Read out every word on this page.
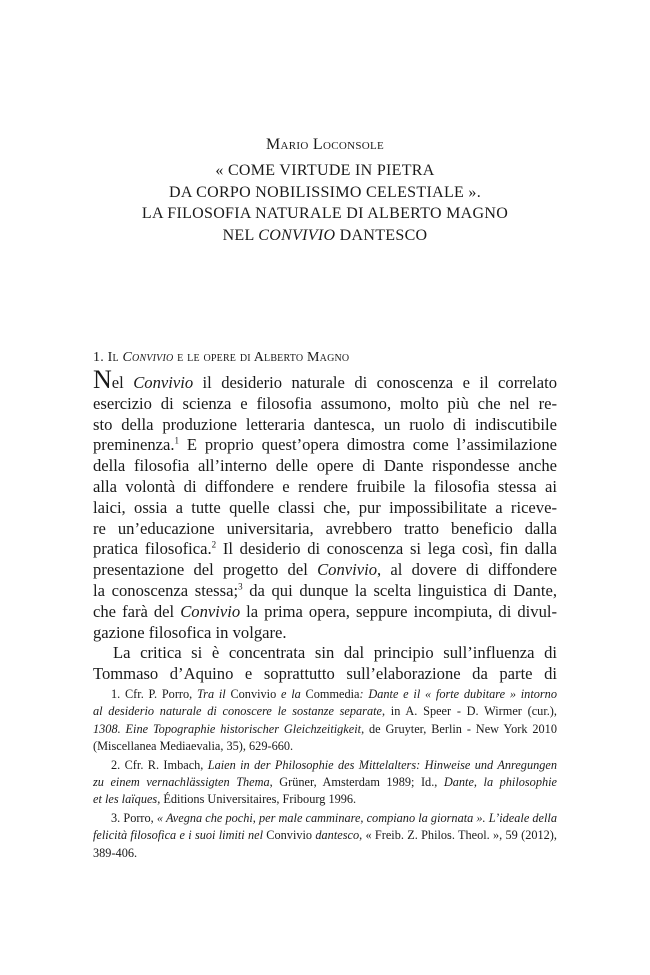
Mario Loconsole
« COME VIRTUDE IN PIETRA
DA CORPO NOBILISSIMO CELESTIALE ».
LA FILOSOFIA NATURALE DI ALBERTO MAGNO
NEL CONVIVIO DANTESCO
1. Il Convivio e le opere di Alberto Magno
Nel Convivio il desiderio naturale di conoscenza e il correlato
esercizio di scienza e filosofia assumono, molto più che nel re-
sto della produzione letteraria dantesca, un ruolo di indiscutibile
preminenza.$^1$ E proprio quest’opera dimostra come l’assimilazione
della filosofia all’interno delle opere di Dante rispondesse anche
alla volontà di diffondere e rendere fruibile la filosofia stessa ai
laici, ossia a tutte quelle classi che, pur impossibilitate a riceve-
re un’educazione universitaria, avrebbero tratto beneficio dalla
pratica filosofica.$^2$ Il desiderio di conoscenza si lega così, fin dalla
presentazione del progetto del Convivio, al dovere di diffondere
la conoscenza stessa;$^3$ da qui dunque la scelta linguistica di Dante,
che farà del Convivio la prima opera, seppure incompiuta, di divul-
gazione filosofica in volgare.
La critica si è concentrata sin dal principio sull’influenza di
Tommaso d’Aquino e soprattutto sull’elaborazione da parte di
1. Cfr. P. Porro, Tra il Convivio e la Commedia: Dante e il « forte dubitare » intorno
al desiderio naturale di conoscere le sostanze separate, in A. Speer - D. Wirmer (cur.),
1308. Eine Topographie historischer Gleichzeitigkeit, de Gruyter, Berlin - New York 2010
(Miscellanea Mediaevalia, 35), 629-660.
2. Cfr. R. Imbach, Laien in der Philosophie des Mittelalters: Hinweise und Anregungen
zu einem vernachlässigten Thema, Grüner, Amsterdam 1989; Id., Dante, la philosophie
et les laïques, Éditions Universitaires, Fribourg 1996.
3. Porro, « Avegna che pochi, per male camminare, compiano la giornata ». L’ideale della
felicità filosofica e i suoi limiti nel Convivio dantesco, « Freib. Z. Philos. Theol. », 59 (2012),
389-406.
